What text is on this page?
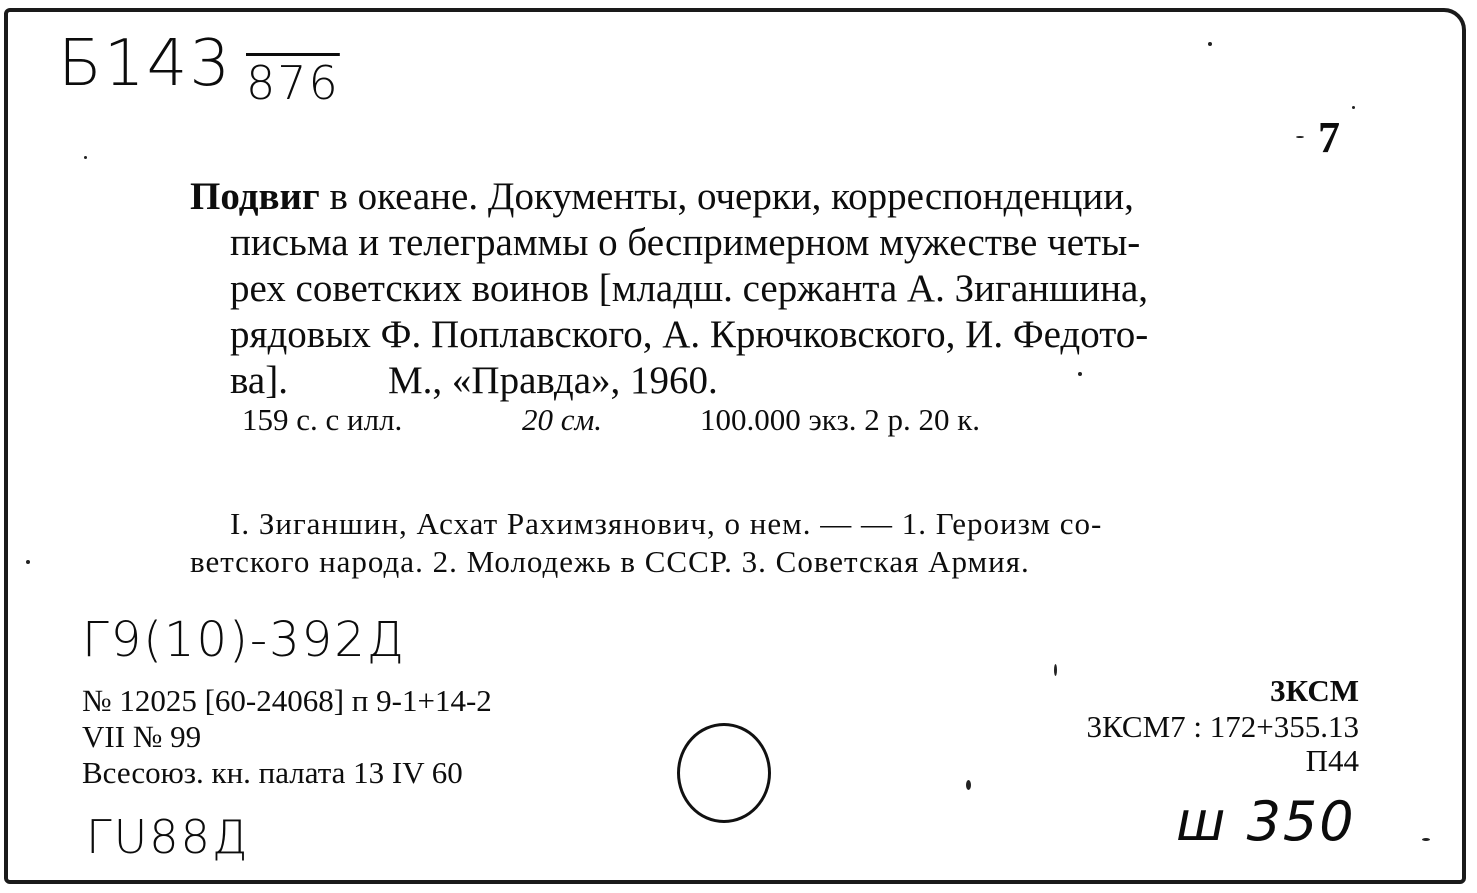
Б143 876
7
Подвиг в океане. Документы, очерки, корреспонденции,
письма и телеграммы о беспримерном мужестве четы-
рех советских воинов [младш. сержанта А. Зиганшина,
рядовых Ф. Поплавского, А. Крючковского, И. Федото-
ва].	М., «Правда», 1960.
159 с. с илл.	20 см.	100.000 экз. 2 р. 20 к.
I. Зиганшин, Асхат Рахимзянович, о нем. — — 1. Героизм со-
ветского народа. 2. Молодежь в СССР. 3. Советская Армия.
Г9(10)-392Д
№ 12025 [60-24068] п 9-1+14-2
VII № 99
Всесоюз. кн. палата 13 IV 60
3КСМ
3КСМ7 : 172+355.13
П44
ГU88Д	ш 350
